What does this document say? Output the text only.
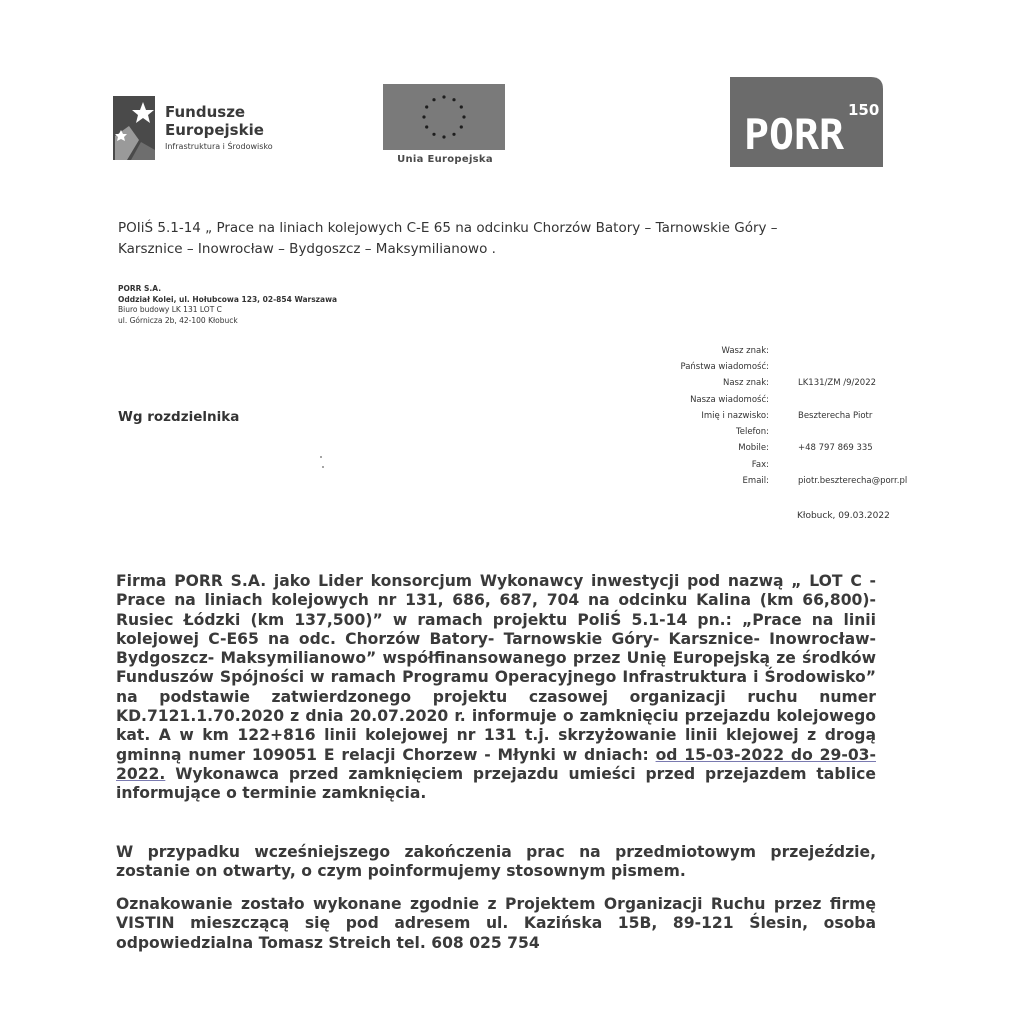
Fundusze
Europejskie
Infrastruktura i Środowisko
Unia Europejska
PORR 150
POIiŚ 5.1-14 „ Prace na liniach kolejowych C-E 65 na odcinku Chorzów Batory – Tarnowskie Góry – Karsznice – Inowrocław – Bydgoszcz – Maksymilianowo .
PORR S.A.
Oddział Kolei, ul. Hołubcowa 123, 02-854 Warszawa
Biuro budowy LK 131 LOT C
ul. Górnicza 2b, 42-100 Kłobuck
Wg rozdzielnika
Wasz znak:
Państwa wiadomość:
Nasz znak:	LK131/ZM /9/2022
Nasza wiadomość:
Imię i nazwisko:	Beszterecha Piotr
Telefon:
Mobile:	+48 797 869 335
Fax:
Email:	piotr.beszterecha@porr.pl
Kłobuck, 09.03.2022
Firma PORR S.A. jako Lider konsorcjum Wykonawcy inwestycji pod nazwą „ LOT C - Prace na liniach kolejowych nr 131, 686, 687, 704 na odcinku Kalina (km 66,800)-Rusiec Łódzki (km 137,500)” w ramach projektu PoliŚ 5.1-14 pn.: „Prace na linii kolejowej C-E65 na odc. Chorzów Batory- Tarnowskie Góry- Karsznice- Inowrocław-Bydgoszcz- Maksymilianowo” współfinansowanego przez Unię Europejską ze środków Funduszów Spójności w ramach Programu Operacyjnego Infrastruktura i Środowisko” na podstawie zatwierdzonego projektu czasowej organizacji ruchu numer KD.7121.1.70.2020 z dnia 20.07.2020 r. informuje o zamknięciu przejazdu kolejowego kat. A w km 122+816 linii kolejowej nr 131 t.j. skrzyżowanie linii klejowej z drogą gminną numer 109051 E relacji Chorzew - Młynki w dniach: od 15-03-2022 do 29-03-2022. Wykonawca przed zamknięciem przejazdu umieści przed przejazdem tablice informujące o terminie zamknięcia.
W przypadku wcześniejszego zakończenia prac na przedmiotowym przejeździe, zostanie on otwarty, o czym poinformujemy stosownym pismem.
Oznakowanie zostało wykonane zgodnie z Projektem Organizacji Ruchu przez firmę VISTIN mieszczącą się pod adresem ul. Kazińska 15B, 89-121 Ślesin, osoba odpowiedzialna Tomasz Streich tel. 608 025 754
